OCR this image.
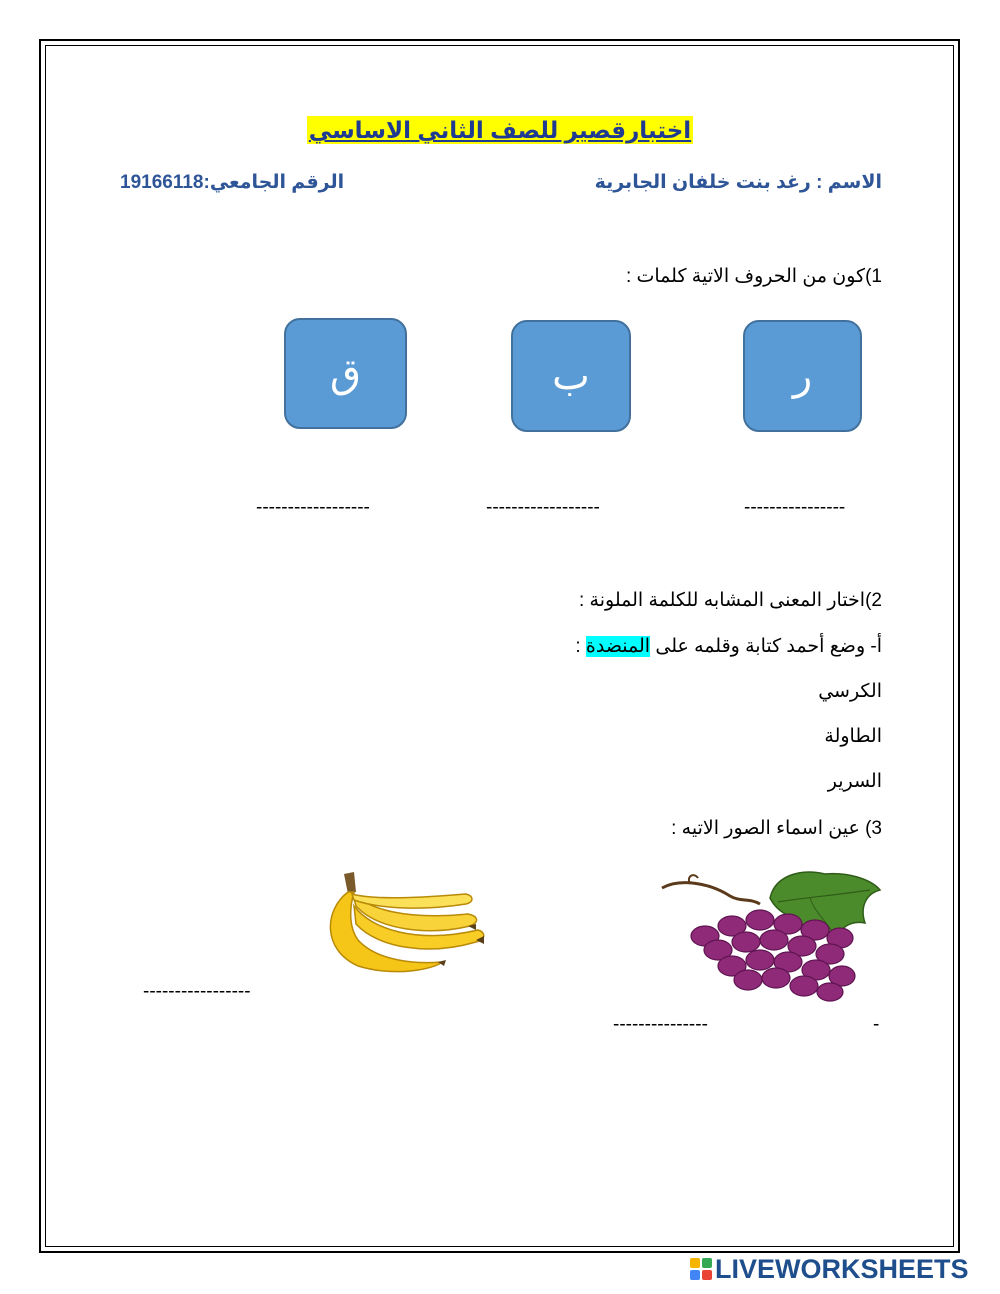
اختبارقصير للصف الثاني الاساسي
الاسم : رغد بنت خلفان الجابرية
الرقم الجامعي:19166118
1)كون من الحروف الاتية كلمات :
ر
ب
ق
----------------
------------------
------------------
2)اختار المعنى المشابه للكلمة الملونة :
أ- وضع أحمد كتابة وقلمه على المنضدة :
الكرسي
الطاولة
السرير
3) عين اسماء الصور الاتيه :
-----------------
---------------	-
LIVEWORKSHEETS
